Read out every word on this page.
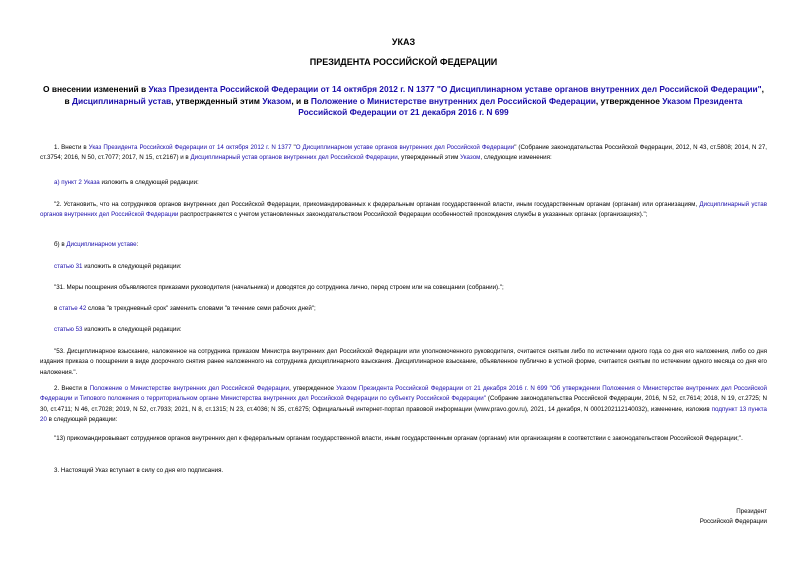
УКАЗ
ПРЕЗИДЕНТА РОССИЙСКОЙ ФЕДЕРАЦИИ
О внесении изменений в Указ Президента Российской Федерации от 14 октября 2012 г. N 1377 "О Дисциплинарном уставе органов внутренних дел Российской Федерации", в Дисциплинарный устав, утвержденный этим Указом, и в Положение о Министерстве внутренних дел Российской Федерации, утвержденное Указом Президента Российской Федерации от 21 декабря 2016 г. N 699
1. Внести в Указ Президента Российской Федерации от 14 октября 2012 г. N 1377 "О Дисциплинарном уставе органов внутренних дел Российской Федерации" (Собрание законодательства Российской Федерации, 2012, N 43, ст.5808; 2014, N 27, ст.3754; 2016, N 50, ст.7077; 2017, N 15, ст.2167) и в Дисциплинарный устав органов внутренних дел Российской Федерации, утвержденный этим Указом, следующие изменения:
а) пункт 2 Указа изложить в следующей редакции:
"2. Установить, что на сотрудников органов внутренних дел Российской Федерации, прикомандированных к федеральным органам государственной власти, иным государственным органам (органам) или организациям, Дисциплинарный устав органов внутренних дел Российской Федерации распространяется с учетом установленных законодательством Российской Федерации особенностей прохождения службы в указанных органах (организациях).";
б) в Дисциплинарном уставе:
статью 31 изложить в следующей редакции:
"31. Меры поощрения объявляются приказами руководителя (начальника) и доводятся до сотрудника лично, перед строем или на совещании (собрании).";
в статье 42 слова "в трехдневный срок" заменить словами "в течение семи рабочих дней";
статью 53 изложить в следующей редакции:
"53. Дисциплинарное взыскание, наложенное на сотрудника приказом Министра внутренних дел Российской Федерации или уполномоченного руководителя, считается снятым либо по истечении одного года со дня его наложения, либо со дня издания приказа о поощрении в виде досрочного снятия ранее наложенного на сотрудника дисциплинарного взыскания. Дисциплинарное взыскание, объявленное публично в устной форме, считается снятым по истечении одного месяца со дня его наложения.".
2. Внести в Положение о Министерстве внутренних дел Российской Федерации, утвержденное Указом Президента Российской Федерации от 21 декабря 2016 г. N 699 "Об утверждении Положения о Министерстве внутренних дел Российской Федерации и Типового положения о территориальном органе Министерства внутренних дел Российской Федерации по субъекту Российской Федерации" (Собрание законодательства Российской Федерации, 2016, N 52, ст.7614; 2018, N 19, ст.2725; N 30, ст.4711; N 46, ст.7028; 2019, N 52, ст.7933; 2021, N 8, ст.1315; N 23, ст.4036; N 35, ст.6275; Официальный интернет-портал правовой информации (www.pravo.gov.ru), 2021, 14 декабря, N 0001202112140032), изменение, изложив подпункт 13 пункта 20 в следующей редакции:
"13) прикомандировывает сотрудников органов внутренних дел к федеральным органам государственной власти, иным государственным органам (органам) или организациям в соответствии с законодательством Российской Федерации;".
3. Настоящий Указ вступает в силу со дня его подписания.
Президент
Российской Федерации
